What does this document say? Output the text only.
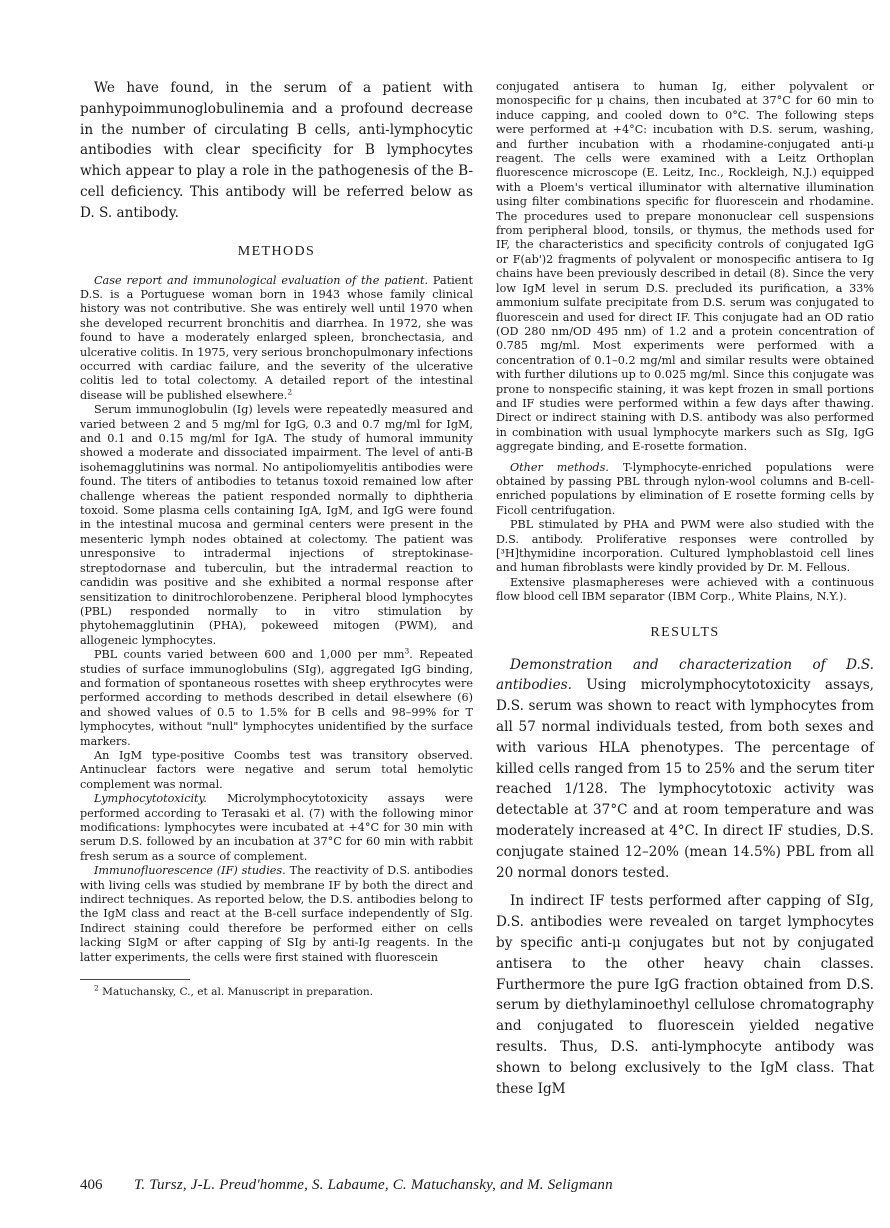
We have found, in the serum of a patient with panhypoimmunoglobulinemia and a profound decrease in the number of circulating B cells, anti-lymphocytic antibodies with clear specificity for B lymphocytes which appear to play a role in the pathogenesis of the B-cell deficiency. This antibody will be referred below as D. S. antibody.

METHODS

Case report and immunological evaluation of the patient. Patient D.S. is a Portuguese woman born in 1943 whose family clinical history was not contributive. She was entirely well until 1970 when she developed recurrent bronchitis and diarrhea. In 1972, she was found to have a moderately enlarged spleen, bronchectasia, and ulcerative colitis. In 1975, very serious bronchopulmonary infections occurred with cardiac failure, and the severity of the ulcerative colitis led to total colectomy. A detailed report of the intestinal disease will be published elsewhere.$^2$

Serum immunoglobulin (Ig) levels were repeatedly measured and varied between 2 and 5 mg/ml for IgG, 0.3 and 0.7 mg/ml for IgM, and 0.1 and 0.15 mg/ml for IgA. The study of humoral immunity showed a moderate and dissociated impairment. The level of anti-B isohemagglutinins was normal. No antipoliomyelitis antibodies were found. The titers of antibodies to tetanus toxoid remained low after challenge whereas the patient responded normally to diphtheria toxoid. Some plasma cells containing IgA, IgM, and IgG were found in the intestinal mucosa and germinal centers were present in the mesenteric lymph nodes obtained at colectomy. The patient was unresponsive to intradermal injections of streptokinase-streptodornase and tuberculin, but the intradermal reaction to candidin was positive and she exhibited a normal response after sensitization to dinitrochlorobenzene. Peripheral blood lymphocytes (PBL) responded normally to in vitro stimulation by phytohemagglutinin (PHA), pokeweed mitogen (PWM), and allogeneic lymphocytes.

PBL counts varied between 600 and 1,000 per $mm^3$. Repeated studies of surface immunoglobulins (SIg), aggregated IgG binding, and formation of spontaneous rosettes with sheep erythrocytes were performed according to methods described in detail elsewhere (6) and showed values of 0.5 to 1.5% for B cells and 98–99% for T lymphocytes, without "null" lymphocytes unidentified by the surface markers.

An IgM type-positive Coombs test was transitory observed. Antinuclear factors were negative and serum total hemolytic complement was normal.

Lymphocytotoxicity. Microlymphocytotoxicity assays were performed according to Terasaki et al. (7) with the following minor modifications: lymphocytes were incubated at +4°C for 30 min with serum D.S. followed by an incubation at 37°C for 60 min with rabbit fresh serum as a source of complement.

Immunofluorescence (IF) studies. The reactivity of D.S. antibodies with living cells was studied by membrane IF by both the direct and indirect techniques. As reported below, the D.S. antibodies belong to the IgM class and react at the B-cell surface independently of SIg. Indirect staining could therefore be performed either on cells lacking SIgM or after capping of SIg by anti-Ig reagents. In the latter experiments, the cells were first stained with fluorescein

$^2$ Matuchansky, C., et al. Manuscript in preparation.

conjugated antisera to human Ig, either polyvalent or monospecific for μ chains, then incubated at 37°C for 60 min to induce capping, and cooled down to 0°C. The following steps were performed at +4°C: incubation with D.S. serum, washing, and further incubation with a rhodamine-conjugated anti-μ reagent. The cells were examined with a Leitz Orthoplan fluorescence microscope (E. Leitz, Inc., Rockleigh, N.J.) equipped with a Ploem's vertical illuminator with alternative illumination using filter combinations specific for fluorescein and rhodamine. The procedures used to prepare mononuclear cell suspensions from peripheral blood, tonsils, or thymus, the methods used for IF, the characteristics and specificity controls of conjugated IgG or F(ab')2 fragments of polyvalent or monospecific antisera to Ig chains have been previously described in detail (8). Since the very low IgM level in serum D.S. precluded its purification, a 33% ammonium sulfate precipitate from D.S. serum was conjugated to fluorescein and used for direct IF. This conjugate had an OD ratio (OD 280 nm/OD 495 nm) of 1.2 and a protein concentration of 0.785 mg/ml. Most experiments were performed with a concentration of 0.1–0.2 mg/ml and similar results were obtained with further dilutions up to 0.025 mg/ml. Since this conjugate was prone to nonspecific staining, it was kept frozen in small portions and IF studies were performed within a few days after thawing. Direct or indirect staining with D.S. antibody was also performed in combination with usual lymphocyte markers such as SIg, IgG aggregate binding, and E-rosette formation.

Other methods. T-lymphocyte-enriched populations were obtained by passing PBL through nylon-wool columns and B-cell-enriched populations by elimination of E rosette forming cells by Ficoll centrifugation.

PBL stimulated by PHA and PWM were also studied with the D.S. antibody. Proliferative responses were controlled by [³H]thymidine incorporation. Cultured lymphoblastoid cell lines and human fibroblasts were kindly provided by Dr. M. Fellous.

Extensive plasmaphereses were achieved with a continuous flow blood cell IBM separator (IBM Corp., White Plains, N.Y.).

RESULTS

Demonstration and characterization of D.S. antibodies. Using microlymphocytotoxicity assays, D.S. serum was shown to react with lymphocytes from all 57 normal individuals tested, from both sexes and with various HLA phenotypes. The percentage of killed cells ranged from 15 to 25% and the serum titer reached 1/128. The lymphocytotoxic activity was detectable at 37°C and at room temperature and was moderately increased at 4°C. In direct IF studies, D.S. conjugate stained 12–20% (mean 14.5%) PBL from all 20 normal donors tested.

In indirect IF tests performed after capping of SIg, D.S. antibodies were revealed on target lymphocytes by specific anti-μ conjugates but not by conjugated antisera to the other heavy chain classes. Furthermore the pure IgG fraction obtained from D.S. serum by diethylaminoethyl cellulose chromatography and conjugated to fluorescein yielded negative results. Thus, D.S. anti-lymphocyte antibody was shown to belong exclusively to the IgM class. That these IgM

406 T. Tursz, J-L. Preud'homme, S. Labaume, C. Matuchansky, and M. Seligmann
